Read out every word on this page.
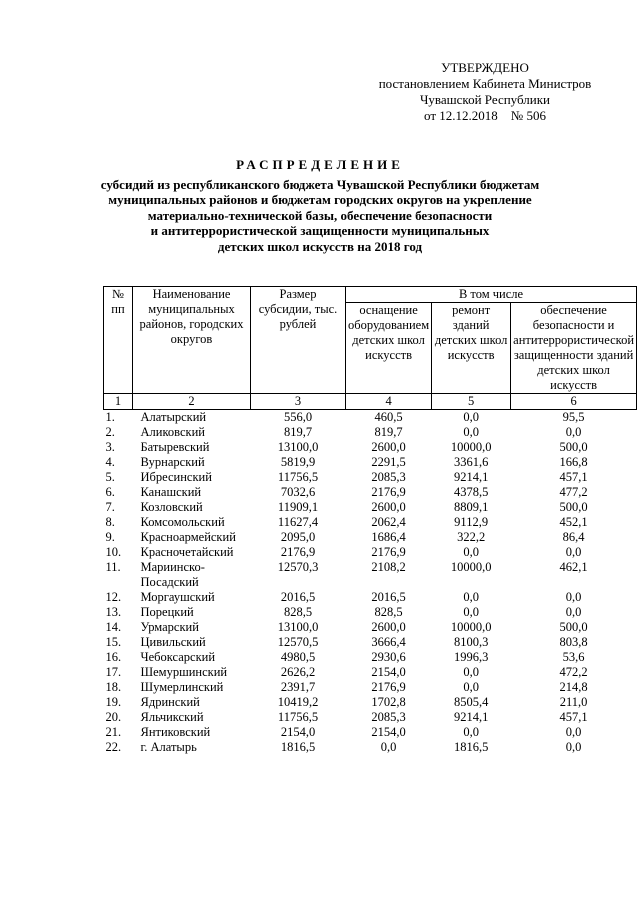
УТВЕРЖДЕНО
постановлением Кабинета Министров
Чувашской Республики
от 12.12.2018    № 506
РАСПРЕДЕЛЕНИЕ
субсидий из республиканского бюджета Чувашской Республики бюджетам
муниципальных районов и бюджетам городских округов на укрепление
материально-технической базы, обеспечение безопасности
и антитеррористической защищенности муниципальных
детских школ искусств на 2018 год
№ пп	Наименование муниципальных районов, городских округов	Размер субсидии, тыс. рублей	В том числе		
			оснащение оборудованием детских школ искусств	ремонт зданий детских школ искусств	обеспечение безопасности и антитеррористической защищенности зданий детских школ искусств
1	2	3	4	5	6
1.	Алатырский	556,0	460,5	0,0	95,5
2.	Аликовский	819,7	819,7	0,0	0,0
3.	Батыревский	13100,0	2600,0	10000,0	500,0
4.	Вурнарский	5819,9	2291,5	3361,6	166,8
5.	Ибресинский	11756,5	2085,3	9214,1	457,1
6.	Канашский	7032,6	2176,9	4378,5	477,2
7.	Козловский	11909,1	2600,0	8809,1	500,0
8.	Комсомольский	11627,4	2062,4	9112,9	452,1
9.	Красноармейский	2095,0	1686,4	322,2	86,4
10.	Красночетайский	2176,9	2176,9	0,0	0,0
11.	Мариинско-Посадский	12570,3	2108,2	10000,0	462,1
12.	Моргаушский	2016,5	2016,5	0,0	0,0
13.	Порецкий	828,5	828,5	0,0	0,0
14.	Урмарский	13100,0	2600,0	10000,0	500,0
15.	Цивильский	12570,5	3666,4	8100,3	803,8
16.	Чебоксарский	4980,5	2930,6	1996,3	53,6
17.	Шемуршинский	2626,2	2154,0	0,0	472,2
18.	Шумерлинский	2391,7	2176,9	0,0	214,8
19.	Ядринский	10419,2	1702,8	8505,4	211,0
20.	Яльчикский	11756,5	2085,3	9214,1	457,1
21.	Янтиковский	2154,0	2154,0	0,0	0,0
22.	г. Алатырь	1816,5	0,0	1816,5	0,0
